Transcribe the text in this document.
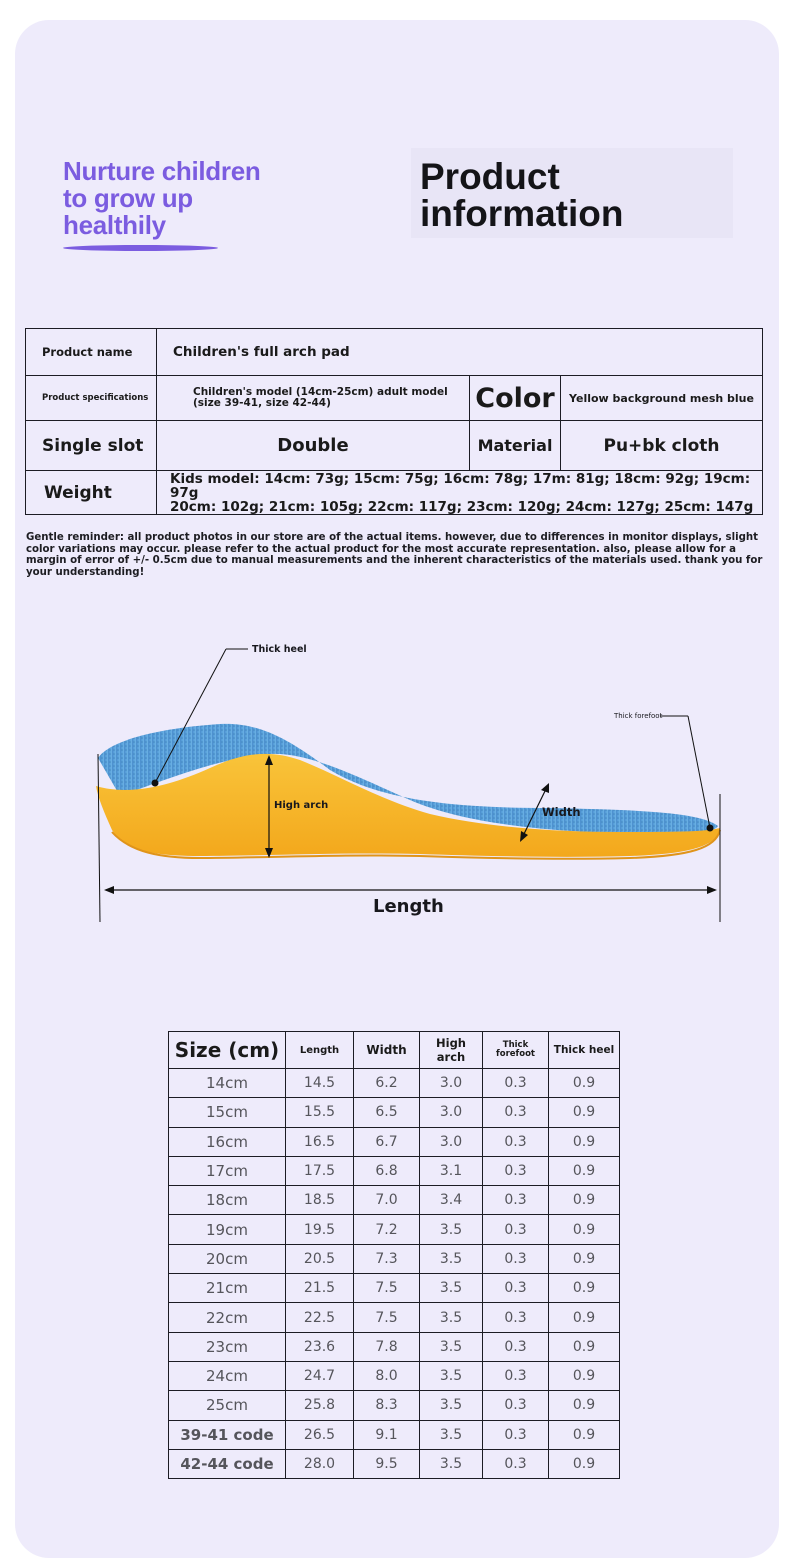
Nurture children
to grow up
healthily
Product
information
Product name	Children's full arch pad		
Product specifications	Children's model (14cm-25cm) adult model (size 39-41, size 42-44)	Color	Yellow background mesh blue
Single slot	Double	Material	Pu+bk cloth
Weight	Kids model: 14cm: 73g; 15cm: 75g; 16cm: 78g; 17m: 81g; 18cm: 92g; 19cm: 97g
20cm: 102g; 21cm: 105g; 22cm: 117g; 23cm: 120g; 24cm: 127g; 25cm: 147g		
Gentle reminder: all product photos in our store are of the actual items. however, due to differences in monitor displays, slight color variations may occur. please refer to the actual product for the most accurate representation. also, please allow for a margin of error of +/- 0.5cm due to manual measurements and the inherent characteristics of the materials used. thank you for your understanding!
Thick heel
Thick forefoot
High arch	Width
Length
Size (cm)	Length	Width	High arch	Thick forefoot	Thick heel
14cm	14.5	6.2	3.0	0.3	0.9
15cm	15.5	6.5	3.0	0.3	0.9
16cm	16.5	6.7	3.0	0.3	0.9
17cm	17.5	6.8	3.1	0.3	0.9
18cm	18.5	7.0	3.4	0.3	0.9
19cm	19.5	7.2	3.5	0.3	0.9
20cm	20.5	7.3	3.5	0.3	0.9
21cm	21.5	7.5	3.5	0.3	0.9
22cm	22.5	7.5	3.5	0.3	0.9
23cm	23.6	7.8	3.5	0.3	0.9
24cm	24.7	8.0	3.5	0.3	0.9
25cm	25.8	8.3	3.5	0.3	0.9
39-41 code	26.5	9.1	3.5	0.3	0.9
42-44 code	28.0	9.5	3.5	0.3	0.9
